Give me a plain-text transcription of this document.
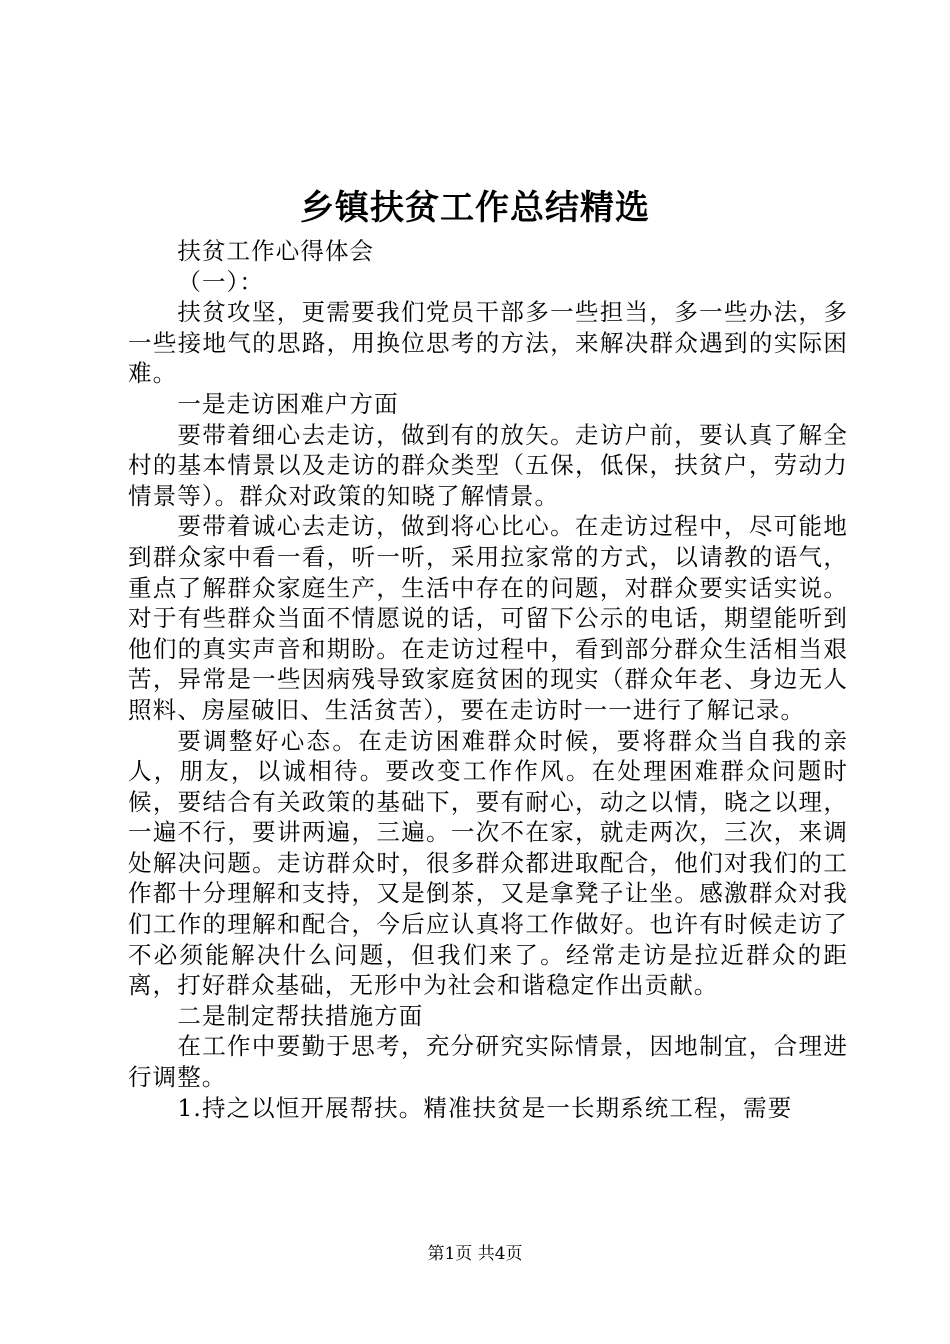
乡镇扶贫工作总结精选

扶贫工作心得体会

（一）：

扶贫攻坚，更需要我们党员干部多一些担当，多一些办法，多一些接地气的思路，用换位思考的方法，来解决群众遇到的实际困难。

一是走访困难户方面

要带着细心去走访，做到有的放矢。走访户前，要认真了解全村的基本情景以及走访的群众类型（五保，低保，扶贫户，劳动力情景等）。群众对政策的知晓了解情景。

要带着诚心去走访，做到将心比心。在走访过程中，尽可能地到群众家中看一看，听一听，采用拉家常的方式，以请教的语气，重点了解群众家庭生产，生活中存在的问题，对群众要实话实说。对于有些群众当面不情愿说的话，可留下公示的电话，期望能听到他们的真实声音和期盼。在走访过程中，看到部分群众生活相当艰苦，异常是一些因病残导致家庭贫困的现实（群众年老、身边无人照料、房屋破旧、生活贫苦），要在走访时一一进行了解记录。

要调整好心态。在走访困难群众时候，要将群众当自我的亲人，朋友，以诚相待。要改变工作作风。在处理困难群众问题时候，要结合有关政策的基础下，要有耐心，动之以情，晓之以理，一遍不行，要讲两遍，三遍。一次不在家，就走两次，三次，来调处解决问题。走访群众时，很多群众都进取配合，他们对我们的工作都十分理解和支持，又是倒茶，又是拿凳子让坐。感激群众对我们工作的理解和配合，今后应认真将工作做好。也许有时候走访了不必须能解决什么问题，但我们来了。经常走访是拉近群众的距离，打好群众基础，无形中为社会和谐稳定作出贡献。

二是制定帮扶措施方面

在工作中要勤于思考，充分研究实际情景，因地制宜，合理进行调整。

1.持之以恒开展帮扶。精准扶贫是一长期系统工程，需要

第1页 共4页
